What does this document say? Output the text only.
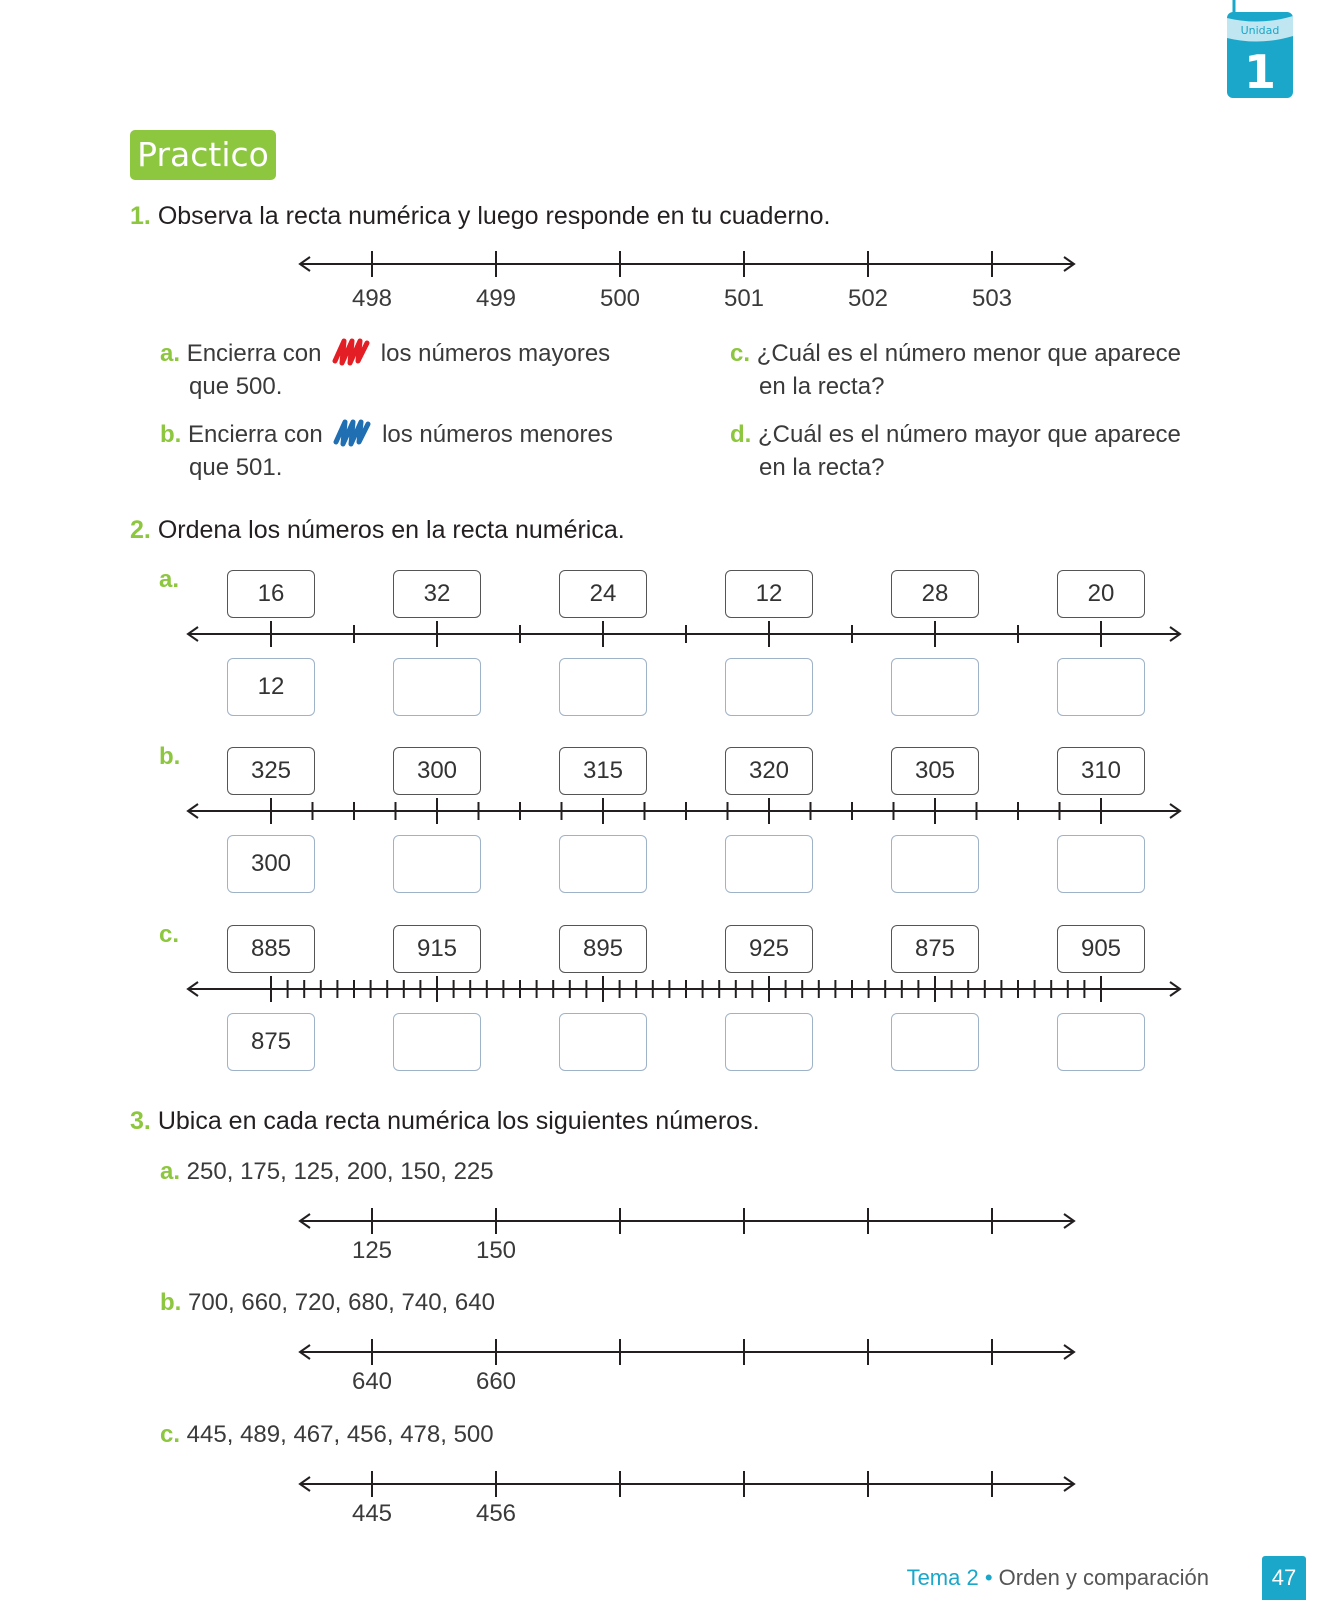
Unidad
1
Practico
1. Observa la recta numérica y luego responde en tu cuaderno.
498	499	500	501	502	503
a. Encierra con los números mayores
que 500.
b. Encierra con los números menores
que 501.
c. ¿Cuál es el número menor que aparece
en la recta?
d. ¿Cuál es el número mayor que aparece
en la recta?
2. Ordena los números en la recta numérica.
a.
16	32	24	12	28	20
12
b.
325	300	315	320	305	310
300
c.
885	915	895	925	875	905
875
3. Ubica en cada recta numérica los siguientes números.
a. 250, 175, 125, 200, 150, 225
125	150
b. 700, 660, 720, 680, 740, 640
640	660
c. 445, 489, 467, 456, 478, 500
445	456
Tema 2 • Orden y comparación	47
